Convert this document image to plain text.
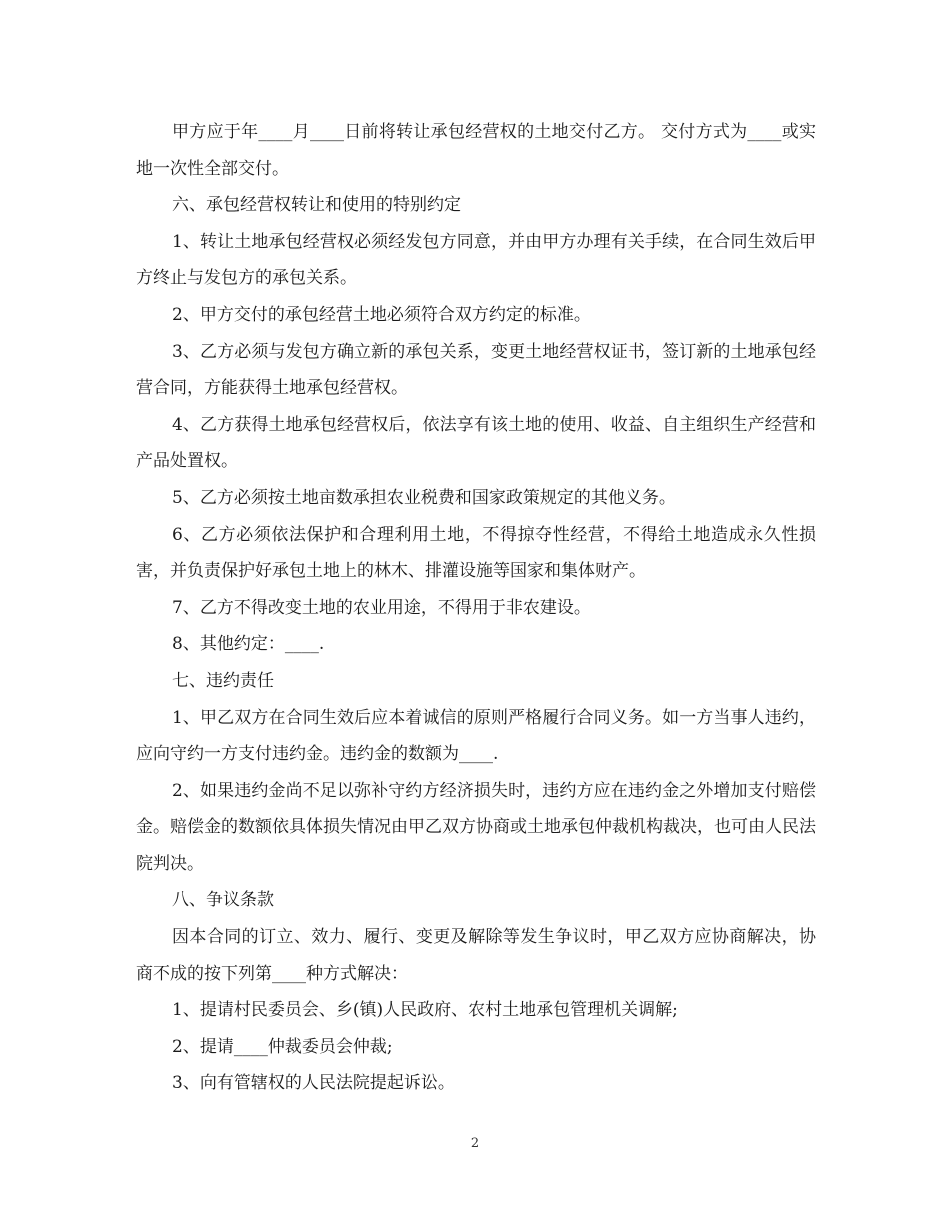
甲方应于年____月____日前将转让承包经营权的土地交付乙方。 交付方式为____或实地一次性全部交付。

六、承包经营权转让和使用的特别约定

1、转让土地承包经营权必须经发包方同意，并由甲方办理有关手续，在合同生效后甲方终止与发包方的承包关系。

2、甲方交付的承包经营土地必须符合双方约定的标准。

3、乙方必须与发包方确立新的承包关系，变更土地经营权证书，签订新的土地承包经营合同，方能获得土地承包经营权。

4、乙方获得土地承包经营权后，依法享有该土地的使用、收益、自主组织生产经营和产品处置权。

5、乙方必须按土地亩数承担农业税费和国家政策规定的其他义务。

6、乙方必须依法保护和合理利用土地，不得掠夺性经营，不得给土地造成永久性损害，并负责保护好承包土地上的林木、排灌设施等国家和集体财产。

7、乙方不得改变土地的农业用途，不得用于非农建设。

8、其他约定：____.

七、违约责任

1、甲乙双方在合同生效后应本着诚信的原则严格履行合同义务。如一方当事人违约，应向守约一方支付违约金。违约金的数额为____.

2、如果违约金尚不足以弥补守约方经济损失时，违约方应在违约金之外增加支付赔偿金。赔偿金的数额依具体损失情况由甲乙双方协商或土地承包仲裁机构裁决，也可由人民法院判决。

八、争议条款

因本合同的订立、效力、履行、变更及解除等发生争议时，甲乙双方应协商解决，协商不成的按下列第____种方式解决：

1、提请村民委员会、乡(镇)人民政府、农村土地承包管理机关调解;

2、提请____仲裁委员会仲裁;

3、向有管辖权的人民法院提起诉讼。

2
